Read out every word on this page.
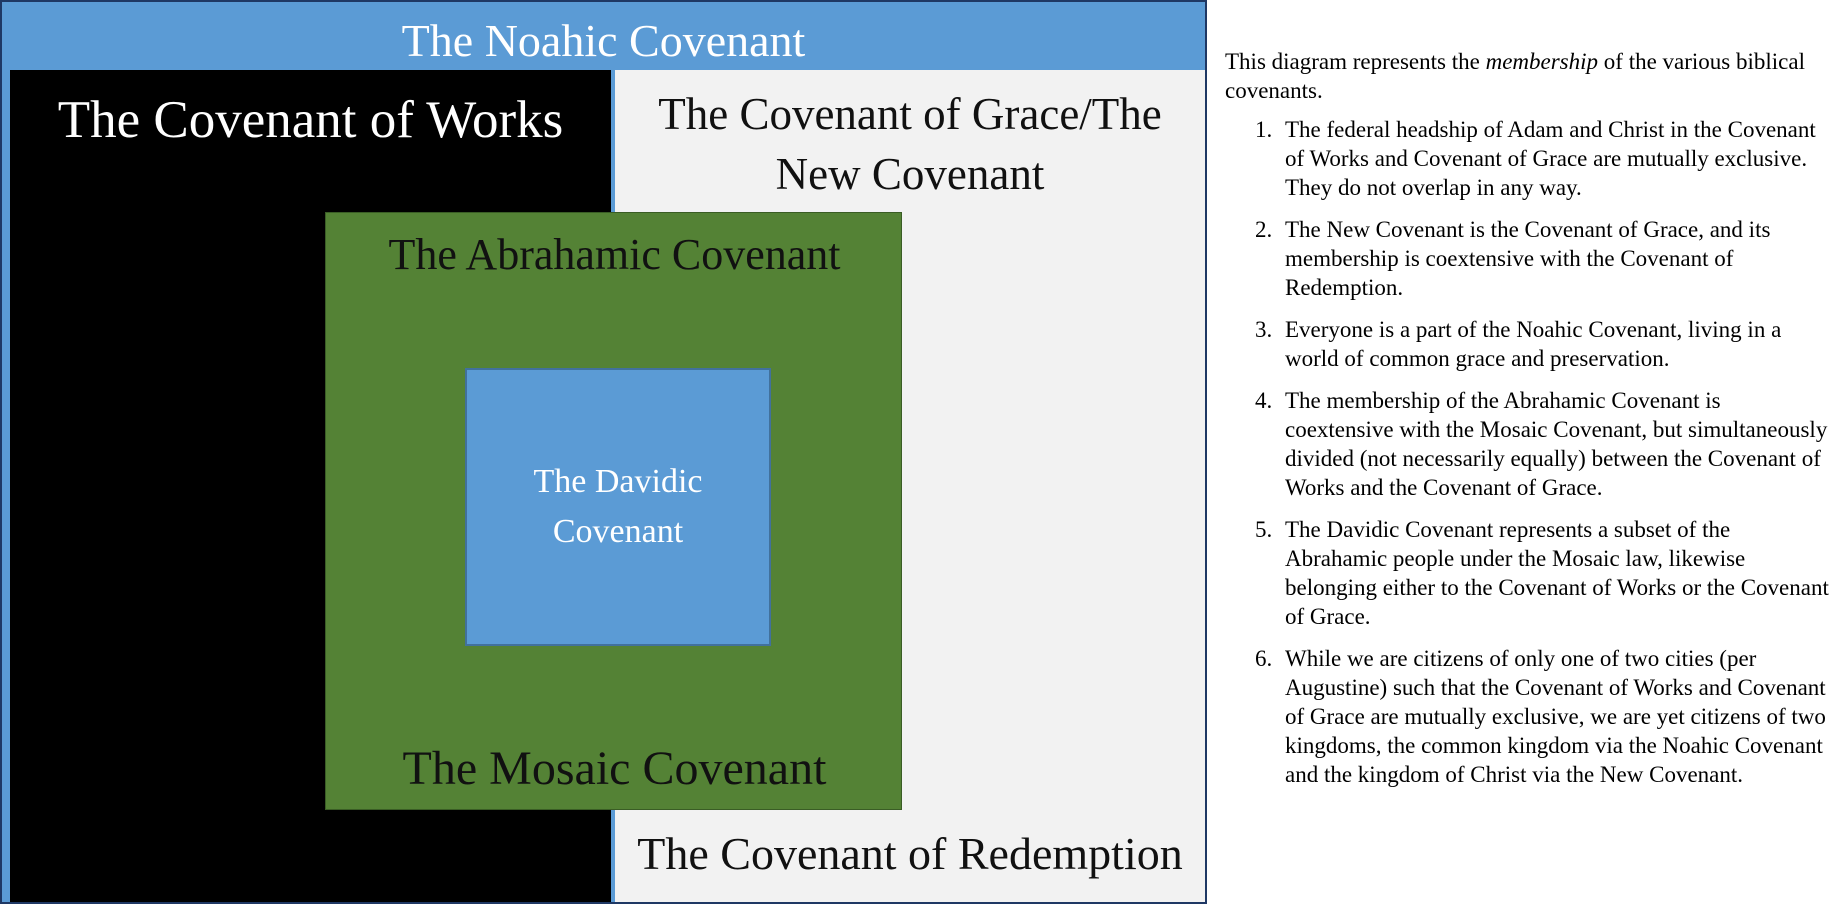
The Noahic Covenant
The Covenant of Works	The Covenant of Grace/The New Covenant
The Covenant of Redemption
The Abrahamic Covenant
The Davidic Covenant
The Mosaic Covenant

This diagram represents the membership of the various biblical covenants.

1. The federal headship of Adam and Christ in the Covenant of Works and Covenant of Grace are mutually exclusive. They do not overlap in any way.
2. The New Covenant is the Covenant of Grace, and its membership is coextensive with the Covenant of Redemption.
3. Everyone is a part of the Noahic Covenant, living in a world of common grace and preservation.
4. The membership of the Abrahamic Covenant is coextensive with the Mosaic Covenant, but simultaneously divided (not necessarily equally) between the Covenant of Works and the Covenant of Grace.
5. The Davidic Covenant represents a subset of the Abrahamic people under the Mosaic law, likewise belonging either to the Covenant of Works or the Covenant of Grace.
6. While we are citizens of only one of two cities (per Augustine) such that the Covenant of Works and Covenant of Grace are mutually exclusive, we are yet citizens of two kingdoms, the common kingdom via the Noahic Covenant and the kingdom of Christ via the New Covenant.
